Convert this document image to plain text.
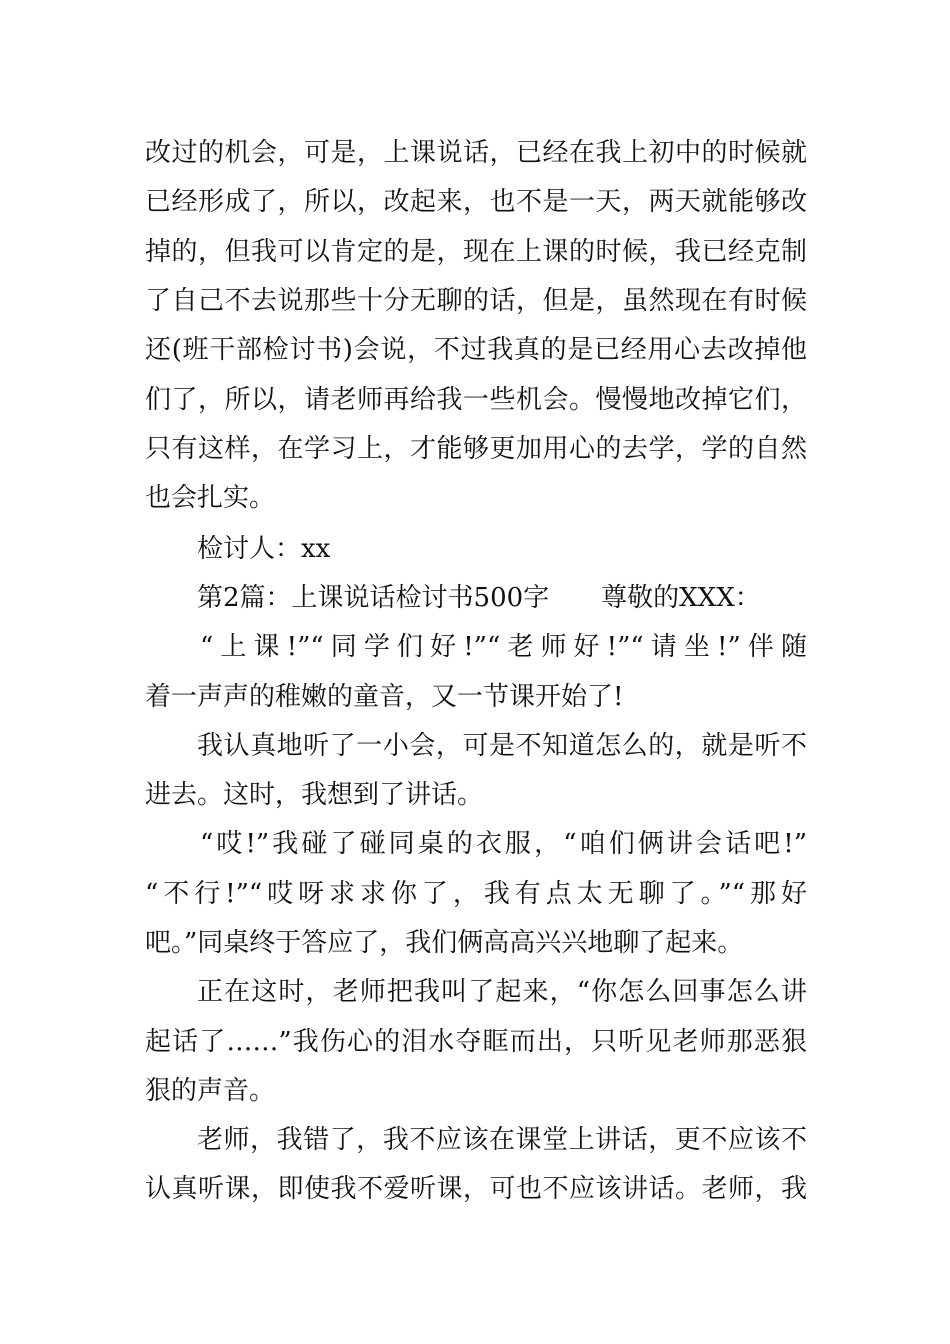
改过的机会，可是，上课说话，已经在我上初中的时候就
已经形成了，所以，改起来，也不是一天，两天就能够改
掉的，但我可以肯定的是，现在上课的时候，我已经克制
了自己不去说那些十分无聊的话，但是，虽然现在有时候
还(班干部检讨书)会说，不过我真的是已经用心去改掉他
们了，所以，请老师再给我一些机会。慢慢地改掉它们，
只有这样，在学习上，才能够更加用心的去学，学的自然
也会扎实。
检讨人：xx
第2篇：上课说话检讨书500字　　尊敬的XXX：
“上课!”“同学们好!”“老师好!”“请坐!”伴随
着一声声的稚嫩的童音，又一节课开始了!
我认真地听了一小会，可是不知道怎么的，就是听不
进去。这时，我想到了讲话。
“哎!”我碰了碰同桌的衣服，“咱们俩讲会话吧!”
“不行!”“哎呀求求你了，我有点太无聊了。”“那好
吧。”同桌终于答应了，我们俩高高兴兴地聊了起来。
正在这时，老师把我叫了起来，“你怎么回事怎么讲
起话了……”我伤心的泪水夺眶而出，只听见老师那恶狠
狠的声音。
老师，我错了，我不应该在课堂上讲话，更不应该不
认真听课，即使我不爱听课，可也不应该讲话。老师，我
